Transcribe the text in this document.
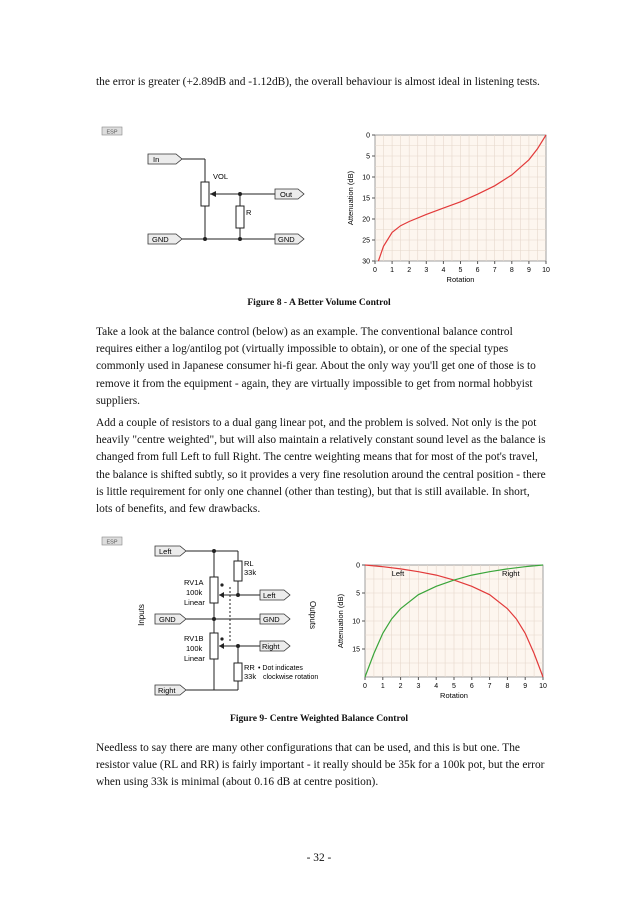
the error is greater (+2.89dB and -1.12dB), the overall behaviour is almost ideal in listening tests.

ESP
In
Out
GND	GND
VOL
R
0 1 2 3 4 5 6 7 8 9 10
0
5
10
15
20
25
30
Rotation
Attenuation (dB)
Figure 8 - A Better Volume Control

Take a look at the balance control (below) as an example. The conventional balance control requires either a log/antilog pot (virtually impossible to obtain), or one of the special types commonly used in Japanese consumer hi-fi gear. About the only way you'll get one of those is to remove it from the equipment - again, they are virtually impossible to get from normal hobbyist suppliers.

Add a couple of resistors to a dual gang linear pot, and the problem is solved. Not only is the pot heavily "centre weighted", but will also maintain a relatively constant sound level as the balance is changed from full Left to full Right. The centre weighting means that for most of the pot's travel, the balance is shifted subtly, so it provides a very fine resolution around the central position - there is little requirement for only one channel (other than testing), but that is still available. In short, lots of benefits, and few drawbacks.

ESP
Inputs	Outputs
Left
GND
Right
Left
GND
Right
RV1A
100k
Linear
RV1B
100k
Linear
RL
33k
RR
33k
• Dot indicates
clockwise rotation
0 1 2 3 4 5 6 7 8 9 10
0
5
10
15
Rotation
Attenuation (dB)
Left	Right
Figure 9- Centre Weighted Balance Control

Needless to say there are many other configurations that can be used, and this is but one. The resistor value (RL and RR) is fairly important - it really should be 35k for a 100k pot, but the error when using 33k is minimal (about 0.16 dB at centre position).

- 32 -
